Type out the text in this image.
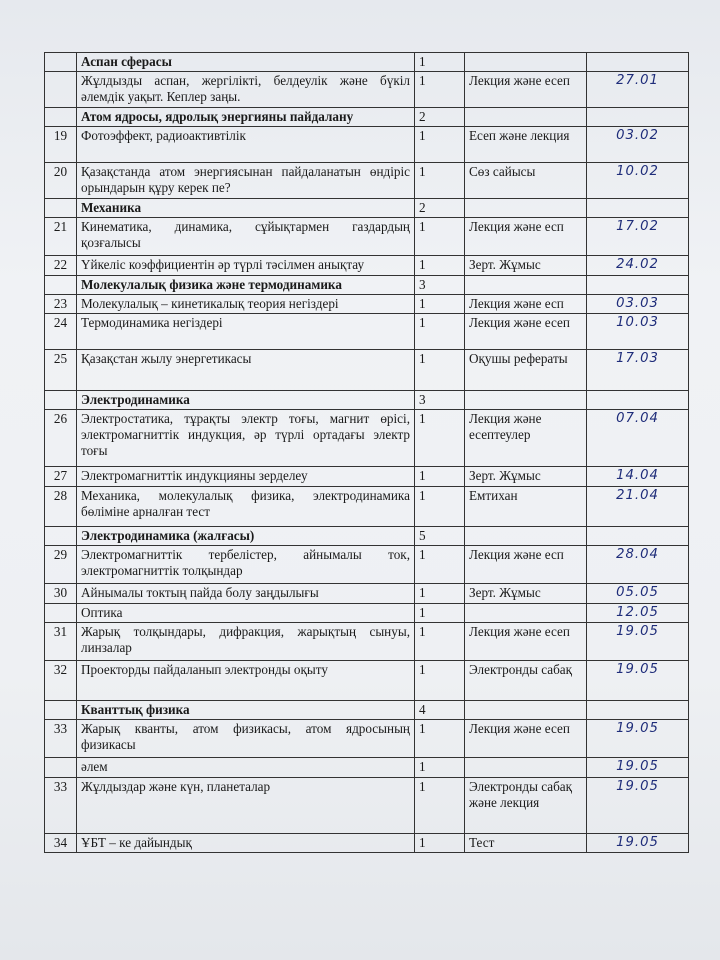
	Аспан сферасы	1		
	Жұлдызды аспан, жергілікті, белдеулік және бүкіл әлемдік уақыт. Кеплер заңы.	1	Лекция және есеп	27.01
	Атом ядросы, ядролық энергияны пайдалану	2		
19	Фотоэффект, радиоактивтілік	1	Есеп және лекция	03.02
20	Қазақстанда атом энергиясынан пайдаланатын өндіріс орындарын құру керек пе?	1	Сөз сайысы	10.02
	Механика	2		
21	Кинематика, динамика, сұйықтармен газдардың қозғалысы	1	Лекция және есп	17.02
22	Үйкеліс коэффициентін әр түрлі тәсілмен анықтау	1	Зерт. Жұмыс	24.02
	Молекулалық физика және термодинамика	3		
23	Молекулалық – кинетикалық теория негіздері	1	Лекция және есп	03.03
24	Термодинамика негіздері	1	Лекция және есеп	10.03
25	Қазақстан жылу энергетикасы	1	Оқушы рефераты	17.03
	Электродинамика	3		
26	Электростатика, тұрақты электр тоғы, магнит өрісі, электромагниттік индукция, әр түрлі ортадағы электр тоғы	1	Лекция және есептеулер	07.04
27	Электромагниттік индукцияны зерделеу	1	Зерт. Жұмыс	14.04
28	Механика, молекулалық физика, электродинамика бөліміне арналған тест	1	Емтихан	21.04
	Электродинамика (жалғасы)	5		
29	Электромагниттік тербелістер, айнымалы ток, электромагниттік толқындар	1	Лекция және есп	28.04
30	Айнымалы токтың пайда болу заңдылығы	1	Зерт. Жұмыс	05.05
	Оптика	1		12.05
31	Жарық толқындары, дифракция, жарықтың сынуы, линзалар	1	Лекция және есеп	19.05
32	Проекторды пайдаланып электронды оқыту	1	Электронды сабақ	19.05
	Кванттық физика	4		
33	Жарық кванты, атом физикасы, атом ядросының физикасы	1	Лекция және есеп	19.05
	әлем	1		19.05
33	Жұлдыздар және күн, планеталар	1	Электронды сабақ және лекция	19.05
34	ҰБТ – ке дайындық	1	Тест	19.05
